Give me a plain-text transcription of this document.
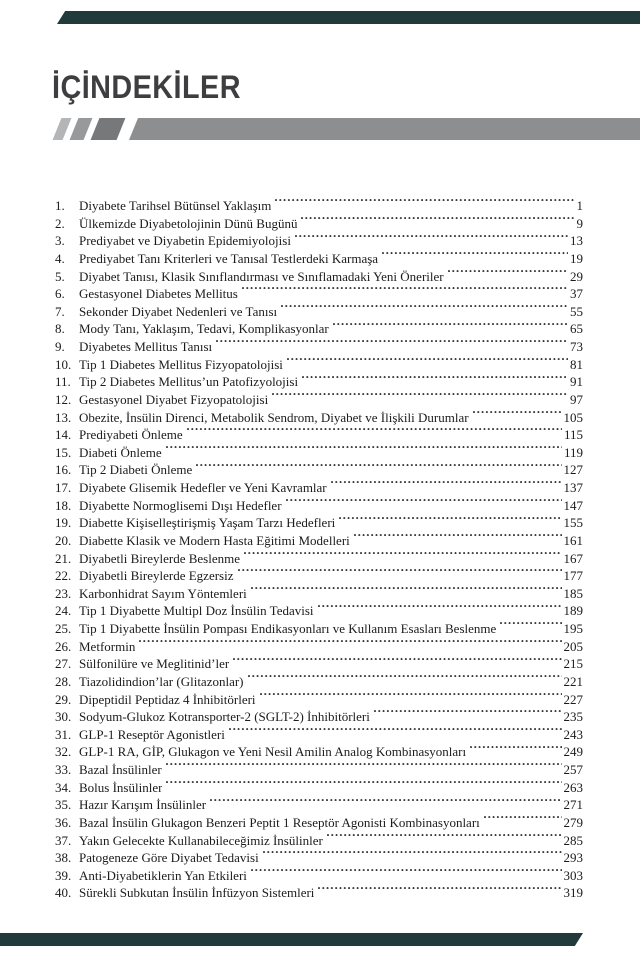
İÇİNDEKİLER
1.	Diyabete Tarihsel Bütünsel Yaklaşım	1
2.	Ülkemizde Diyabetolojinin Dünü Bugünü	9
3.	Prediyabet ve Diyabetin Epidemiyolojisi	13
4.	Prediyabet Tanı Kriterleri ve Tanısal Testlerdeki Karmaşa	19
5.	Diyabet Tanısı, Klasik Sınıflandırması ve Sınıflamadaki Yeni Öneriler	29
6.	Gestasyonel Diabetes Mellitus	37
7.	Sekonder Diyabet Nedenleri ve Tanısı	55
8.	Mody Tanı, Yaklaşım, Tedavi, Komplikasyonlar	65
9.	Diyabetes Mellitus Tanısı	73
10. Tip 1 Diabetes Mellitus Fizyopatolojisi	81
11. Tip 2 Diabetes Mellitus’un Patofizyolojisi	91
12. Gestasyonel Diyabet Fizyopatolojisi	97
13. Obezite, İnsülin Direnci, Metabolik Sendrom, Diyabet ve İlişkili Durumlar	105
14. Prediyabeti Önleme	115
15. Diabeti Önleme	119
16. Tip 2 Diabeti Önleme	127
17. Diyabete Glisemik Hedefler ve Yeni Kavramlar	137
18. Diyabette Normoglisemi Dışı Hedefler	147
19. Diabette Kişiselleştirişmiş Yaşam Tarzı Hedefleri	155
20. Diabette Klasik ve Modern Hasta Eğitimi Modelleri	161
21. Diyabetli Bireylerde Beslenme	167
22. Diyabetli Bireylerde Egzersiz	177
23. Karbonhidrat Sayım Yöntemleri	185
24. Tip 1 Diyabette Multipl Doz İnsülin Tedavisi	189
25. Tip 1 Diyabette İnsülin Pompası Endikasyonları ve Kullanım Esasları Beslenme	195
26. Metformin	205
27. Sülfonilüre ve Meglitinid’ler	215
28. Tiazolidindion’lar (Glitazonlar)	221
29. Dipeptidil Peptidaz 4 İnhibitörleri	227
30. Sodyum-Glukoz Kotransporter-2 (SGLT-2) İnhibitörleri	235
31. GLP-1 Reseptör Agonistleri	243
32. GLP-1 RA, GİP, Glukagon ve Yeni Nesil Amilin Analog Kombinasyonları	249
33. Bazal İnsülinler	257
34. Bolus İnsülinler	263
35. Hazır Karışım İnsülinler	271
36. Bazal İnsülin Glukagon Benzeri Peptit 1 Reseptör Agonisti Kombinasyonları	279
37. Yakın Gelecekte Kullanabileceğimiz İnsülinler	285
38. Patogeneze Göre Diyabet Tedavisi	293
39. Anti-Diyabetiklerin Yan Etkileri	303
40. Sürekli Subkutan İnsülin İnfüzyon Sistemleri	319
